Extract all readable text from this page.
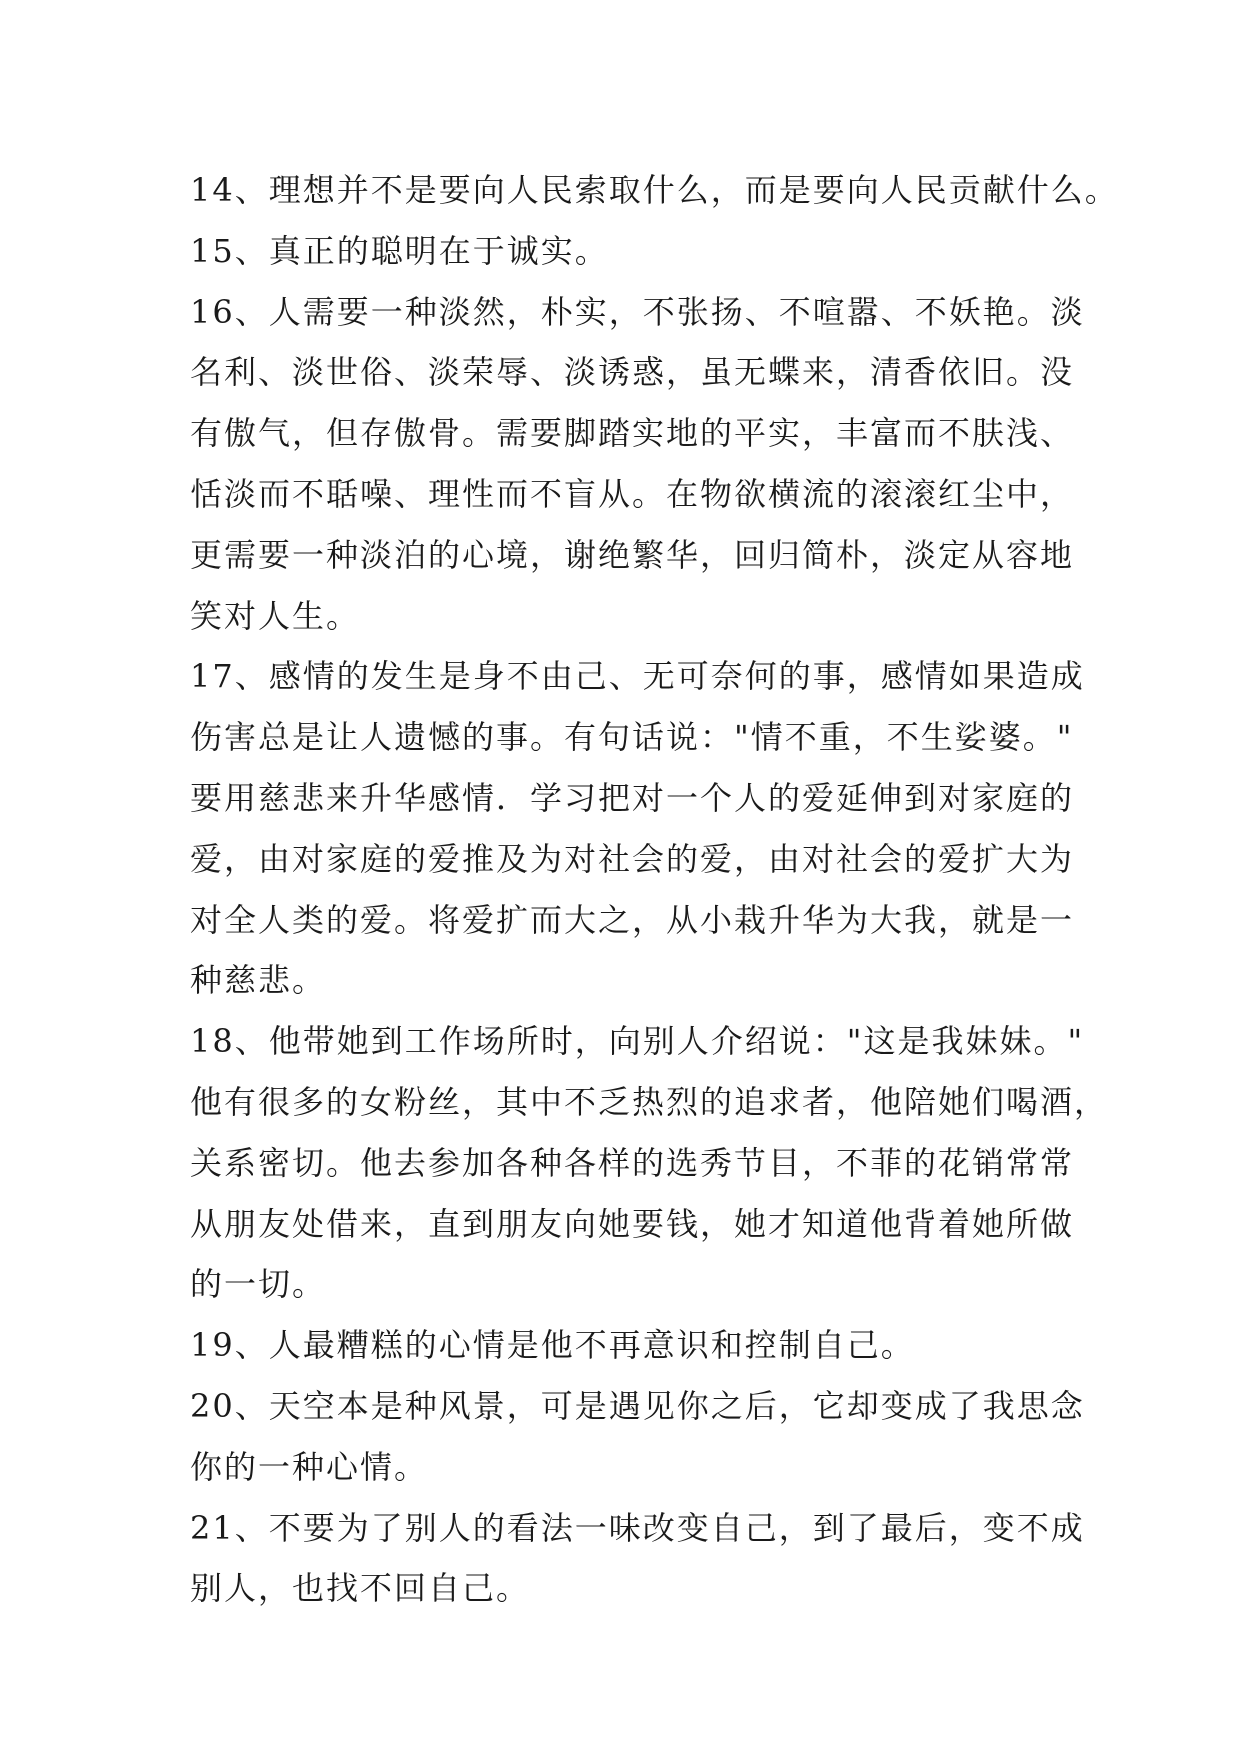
14、理想并不是要向人民索取什么，而是要向人民贡献什么。
15、真正的聪明在于诚实。
16、人需要一种淡然，朴实，不张扬、不喧嚣、不妖艳。淡
名利、淡世俗、淡荣辱、淡诱惑，虽无蝶来，清香依旧。没
有傲气，但存傲骨。需要脚踏实地的平实，丰富而不肤浅、
恬淡而不聒噪、理性而不盲从。在物欲横流的滚滚红尘中，
更需要一种淡泊的心境，谢绝繁华，回归简朴，淡定从容地
笑对人生。
17、感情的发生是身不由己、无可奈何的事，感情如果造成
伤害总是让人遗憾的事。有句话说："情不重，不生娑婆。"
要用慈悲来升华感情．学习把对一个人的爱延伸到对家庭的
爱，由对家庭的爱推及为对社会的爱，由对社会的爱扩大为
对全人类的爱。将爱扩而大之，从小栽升华为大我，就是一
种慈悲。
18、他带她到工作场所时，向别人介绍说："这是我妹妹。"
他有很多的女粉丝，其中不乏热烈的追求者，他陪她们喝酒，
关系密切。他去参加各种各样的选秀节目，不菲的花销常常
从朋友处借来，直到朋友向她要钱，她才知道他背着她所做
的一切。
19、人最糟糕的心情是他不再意识和控制自己。
20、天空本是种风景，可是遇见你之后，它却变成了我思念
你的一种心情。
21、不要为了别人的看法一味改变自己，到了最后，变不成
别人，也找不回自己。
